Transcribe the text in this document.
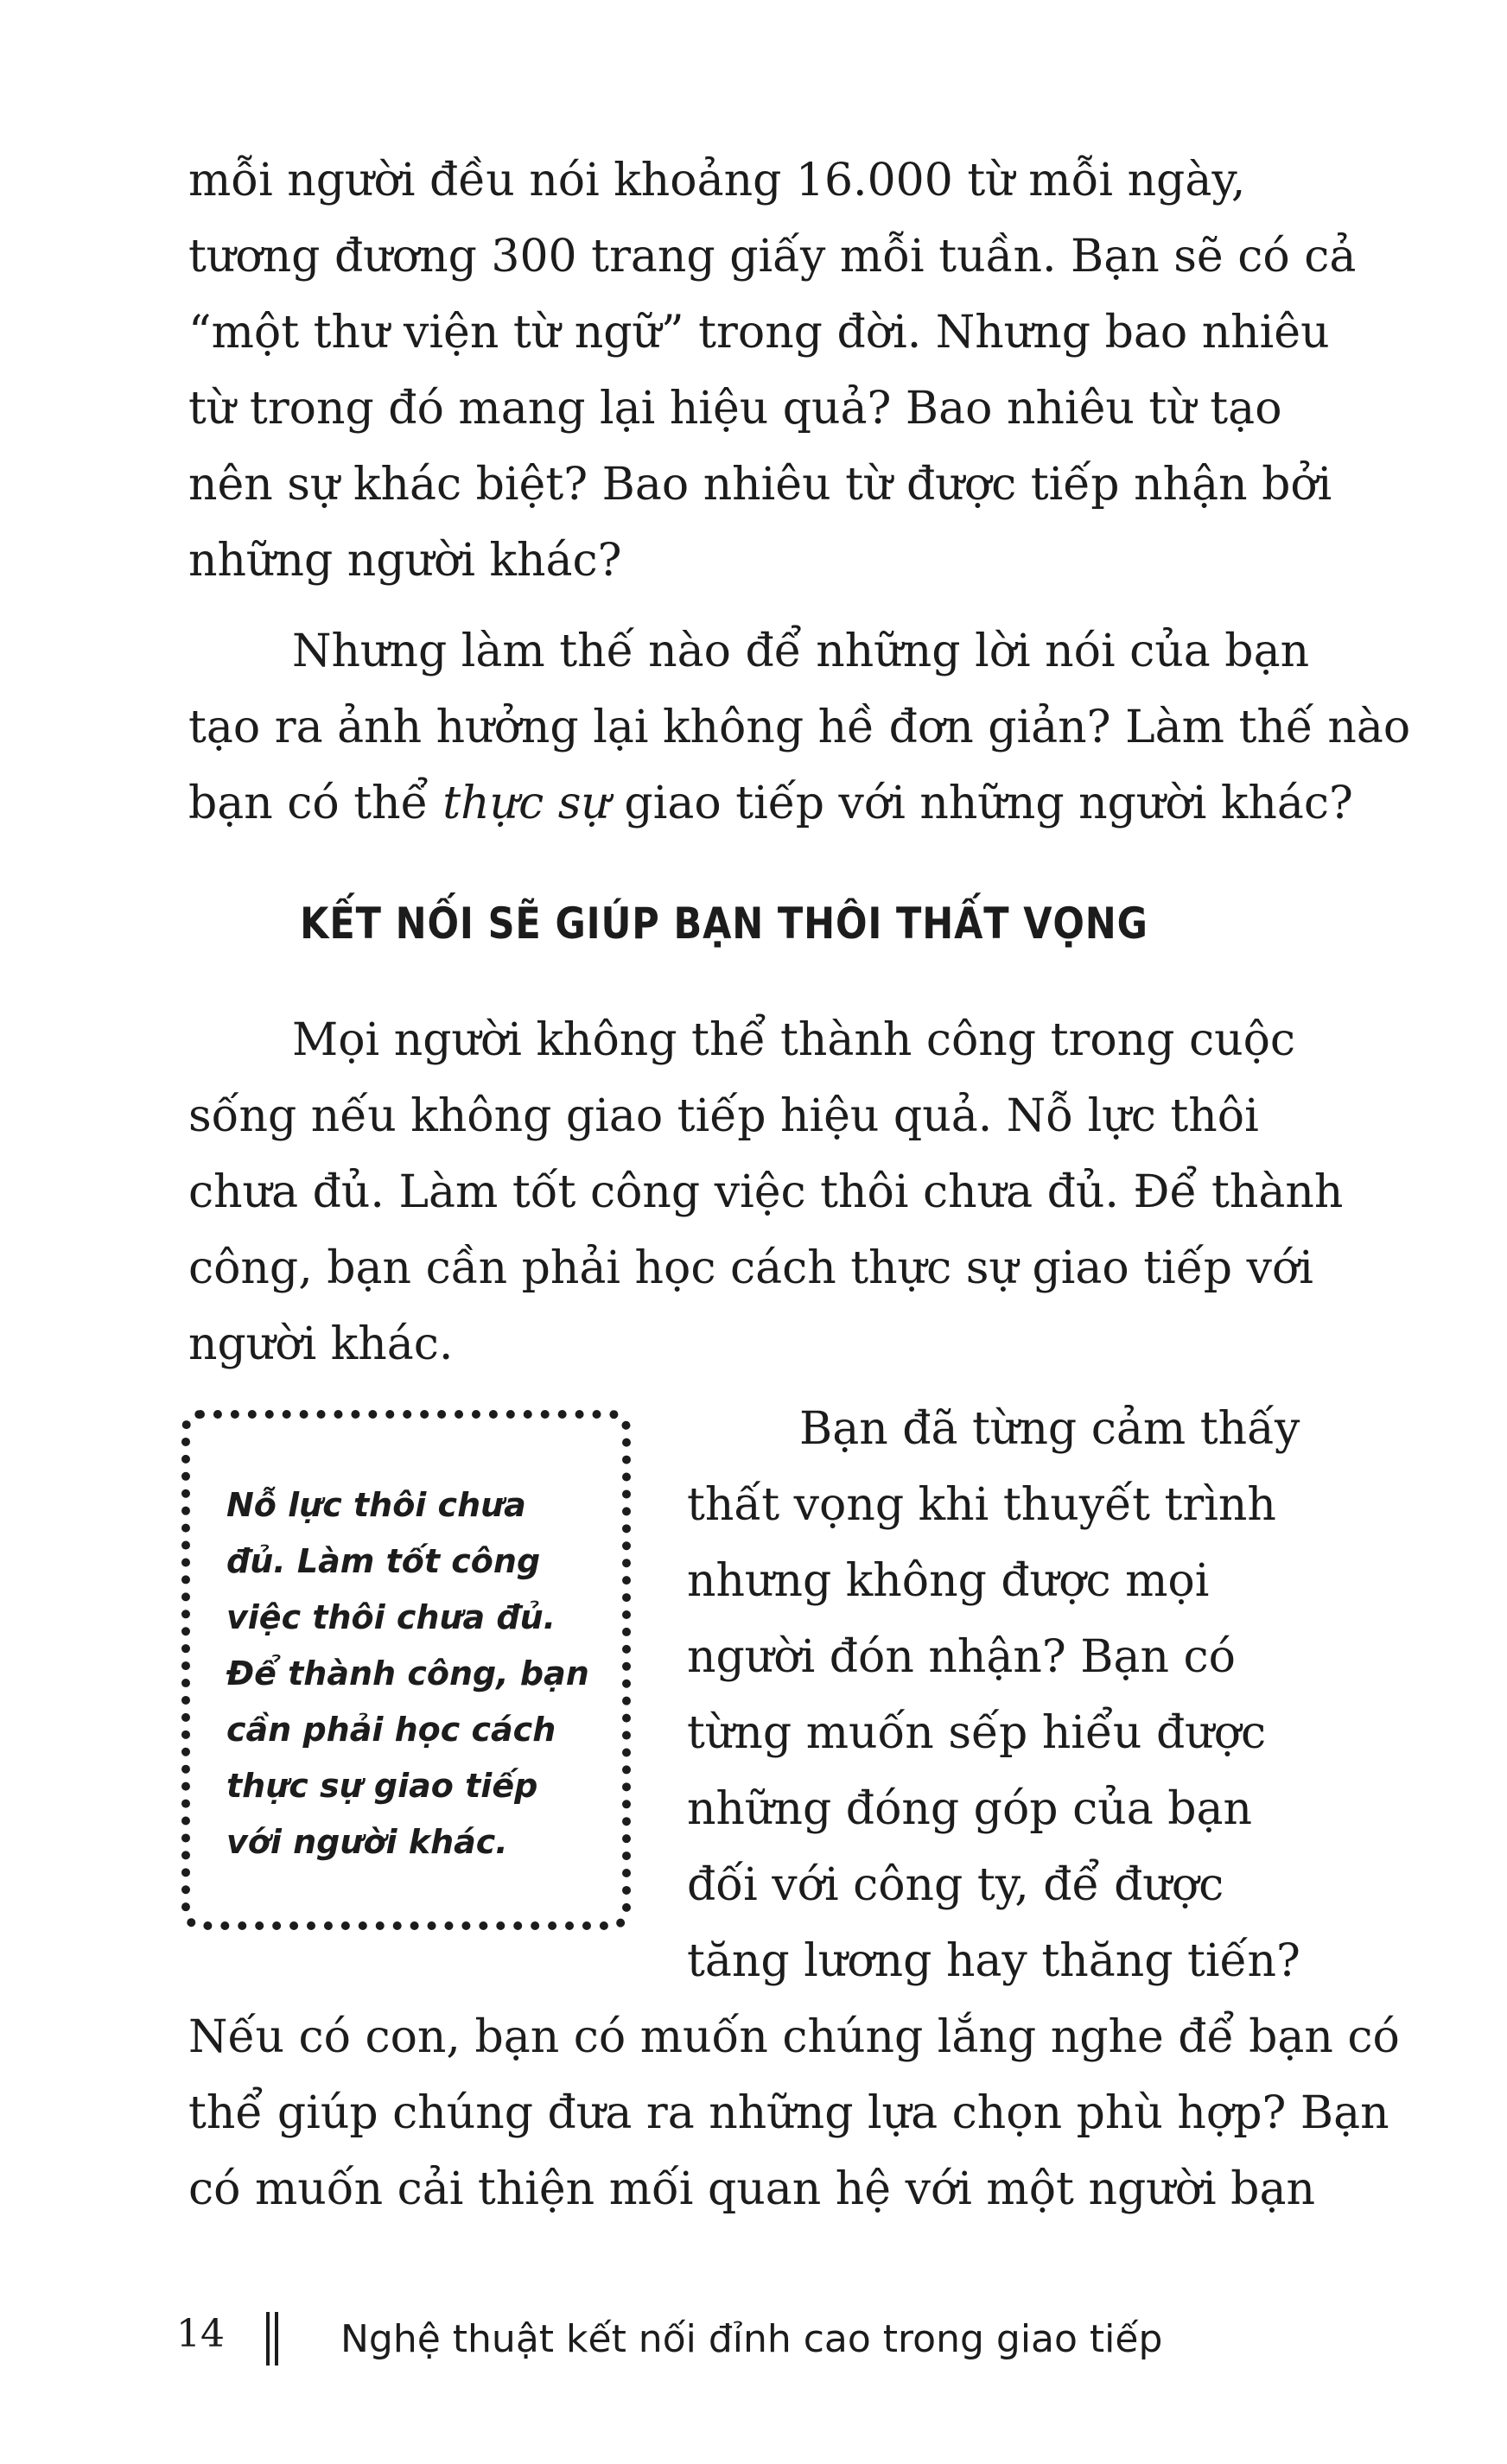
mỗi người đều nói khoảng 16.000 từ mỗi ngày,
tương đương 300 trang giấy mỗi tuần. Bạn sẽ có cả
“một thư viện từ ngữ” trong đời. Nhưng bao nhiêu
từ trong đó mang lại hiệu quả? Bao nhiêu từ tạo
nên sự khác biệt? Bao nhiêu từ được tiếp nhận bởi
những người khác?
Nhưng làm thế nào để những lời nói của bạn
tạo ra ảnh hưởng lại không hề đơn giản? Làm thế nào
bạn có thể thực sự giao tiếp với những người khác?
KẾT NỐI SẼ GIÚP BẠN THÔI THẤT VỌNG
Mọi người không thể thành công trong cuộc
sống nếu không giao tiếp hiệu quả. Nỗ lực thôi
chưa đủ. Làm tốt công việc thôi chưa đủ. Để thành
công, bạn cần phải học cách thực sự giao tiếp với
người khác.
Nỗ lực thôi chưa
đủ. Làm tốt công
việc thôi chưa đủ.
Để thành công, bạn
cần phải học cách
thực sự giao tiếp
với người khác.
Bạn đã từng cảm thấy
thất vọng khi thuyết trình
nhưng không được mọi
người đón nhận? Bạn có
từng muốn sếp hiểu được
những đóng góp của bạn
đối với công ty, để được
tăng lương hay thăng tiến?
Nếu có con, bạn có muốn chúng lắng nghe để bạn có
thể giúp chúng đưa ra những lựa chọn phù hợp? Bạn
có muốn cải thiện mối quan hệ với một người bạn
14	Nghệ thuật kết nối đỉnh cao trong giao tiếp
